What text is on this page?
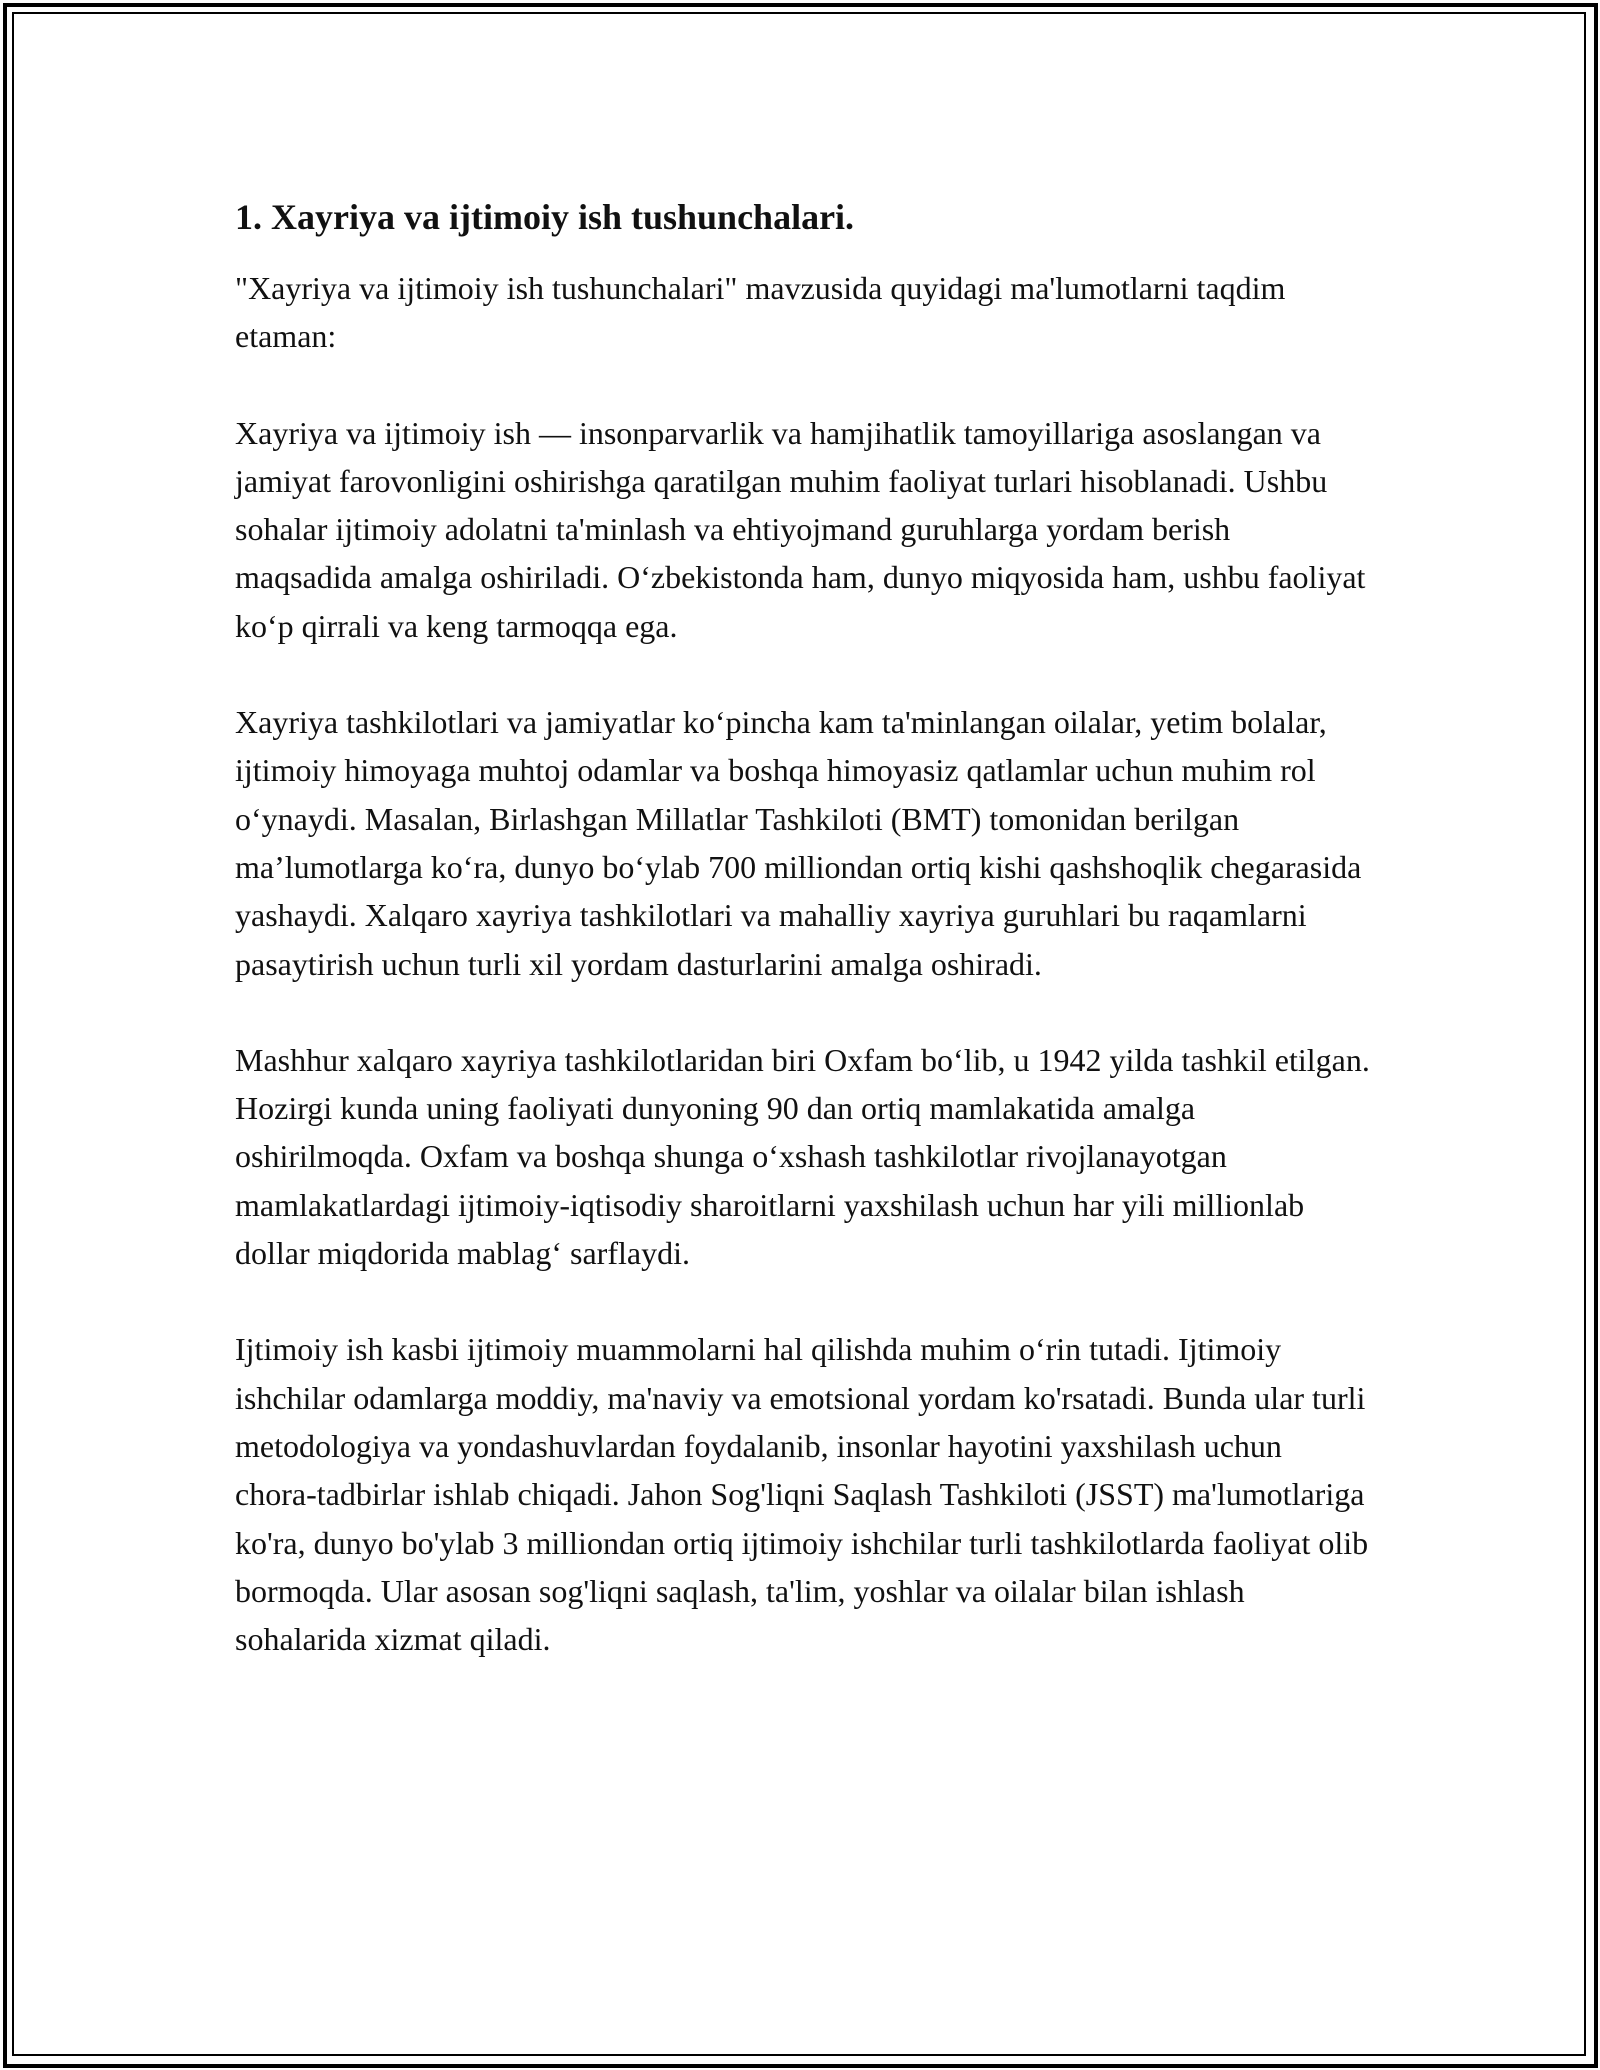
1. Xayriya va ijtimoiy ish tushunchalari.

"Xayriya va ijtimoiy ish tushunchalari" mavzusida quyidagi ma'lumotlarni taqdim etaman:

Xayriya va ijtimoiy ish — insonparvarlik va hamjihatlik tamoyillariga asoslangan va jamiyat farovonligini oshirishga qaratilgan muhim faoliyat turlari hisoblanadi. Ushbu sohalar ijtimoiy adolatni ta'minlash va ehtiyojmand guruhlarga yordam berish maqsadida amalga oshiriladi. O‘zbekistonda ham, dunyo miqyosida ham, ushbu faoliyat ko‘p qirrali va keng tarmoqqa ega.

Xayriya tashkilotlari va jamiyatlar ko‘pincha kam ta'minlangan oilalar, yetim bolalar, ijtimoiy himoyaga muhtoj odamlar va boshqa himoyasiz qatlamlar uchun muhim rol o‘ynaydi. Masalan, Birlashgan Millatlar Tashkiloti (BMT) tomonidan berilgan ma’lumotlarga ko‘ra, dunyo bo‘ylab 700 milliondan ortiq kishi qashshoqlik chegarasida yashaydi. Xalqaro xayriya tashkilotlari va mahalliy xayriya guruhlari bu raqamlarni pasaytirish uchun turli xil yordam dasturlarini amalga oshiradi.

Mashhur xalqaro xayriya tashkilotlaridan biri Oxfam bo‘lib, u 1942 yilda tashkil etilgan. Hozirgi kunda uning faoliyati dunyoning 90 dan ortiq mamlakatida amalga oshirilmoqda. Oxfam va boshqa shunga o‘xshash tashkilotlar rivojlanayotgan mamlakatlardagi ijtimoiy-iqtisodiy sharoitlarni yaxshilash uchun har yili millionlab dollar miqdorida mablag‘ sarflaydi.

Ijtimoiy ish kasbi ijtimoiy muammolarni hal qilishda muhim o‘rin tutadi. Ijtimoiy ishchilar odamlarga moddiy, ma'naviy va emotsional yordam ko'rsatadi. Bunda ular turli metodologiya va yondashuvlardan foydalanib, insonlar hayotini yaxshilash uchun chora-tadbirlar ishlab chiqadi. Jahon Sog'liqni Saqlash Tashkiloti (JSST) ma'lumotlariga ko'ra, dunyo bo'ylab 3 milliondan ortiq ijtimoiy ishchilar turli tashkilotlarda faoliyat olib bormoqda. Ular asosan sog'liqni saqlash, ta'lim, yoshlar va oilalar bilan ishlash sohalarida xizmat qiladi.
